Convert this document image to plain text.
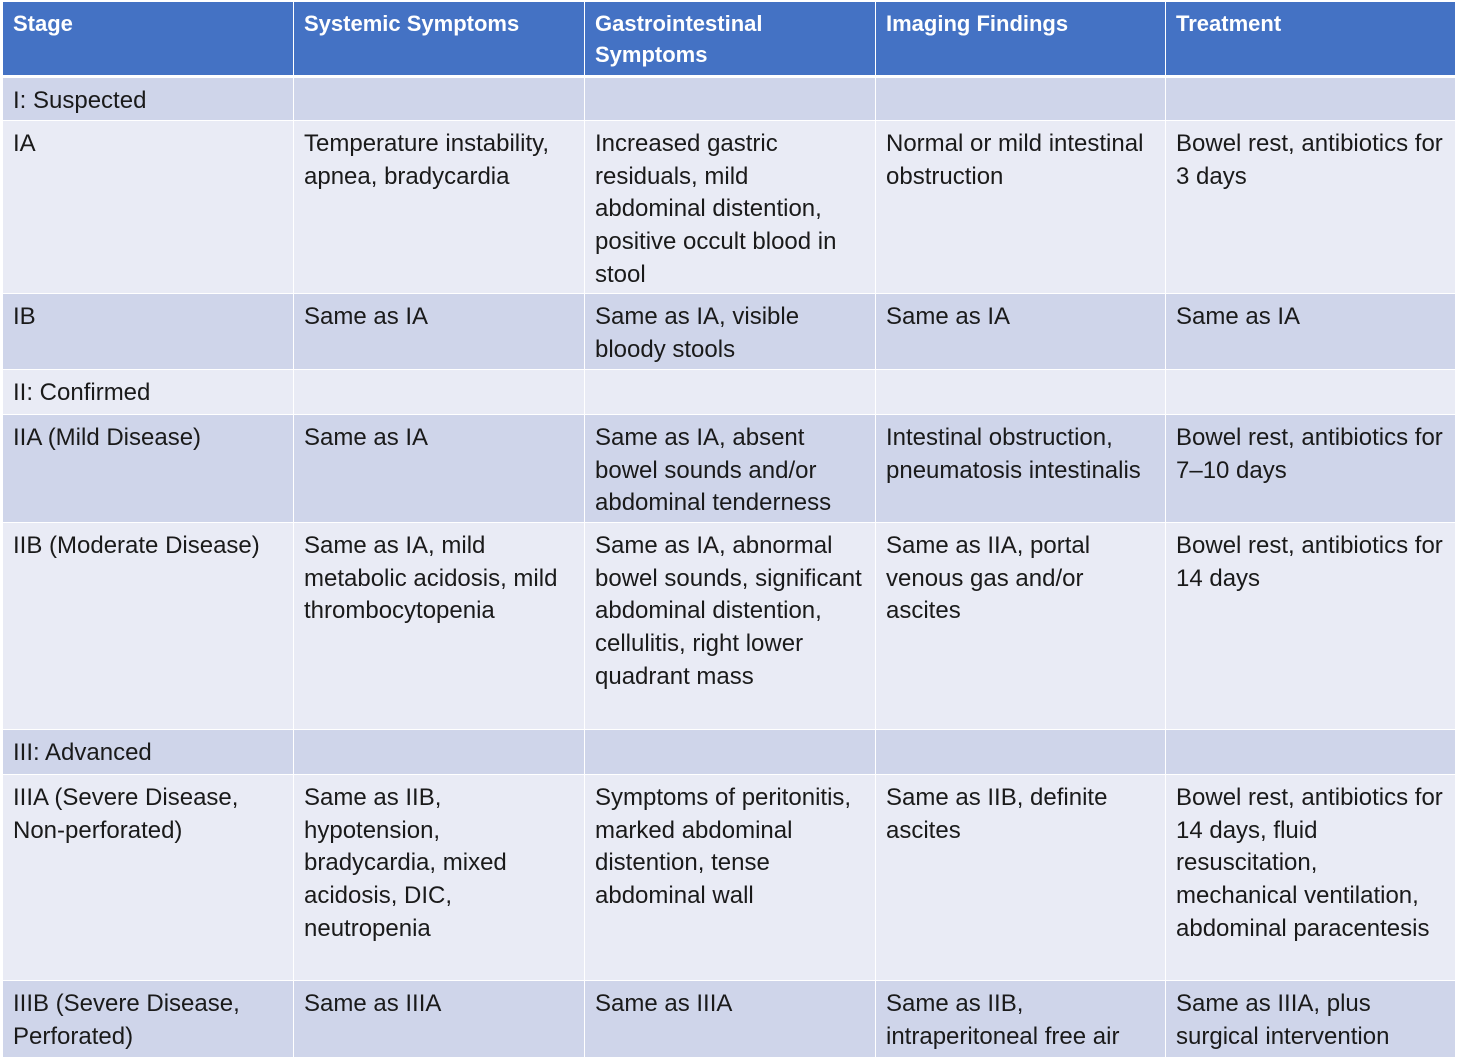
Stage	Systemic Symptoms	Gastrointestinal Symptoms	Imaging Findings	Treatment
I: Suspected				
IA	Temperature instability, apnea, bradycardia	Increased gastric residuals, mild abdominal distention, positive occult blood in stool	Normal or mild intestinal obstruction	Bowel rest, antibiotics for 3 days
IB	Same as IA	Same as IA, visible bloody stools	Same as IA	Same as IA
II: Confirmed				
IIA (Mild Disease)	Same as IA	Same as IA, absent bowel sounds and/or abdominal tenderness	Intestinal obstruction, pneumatosis intestinalis	Bowel rest, antibiotics for 7–10 days
IIB (Moderate Disease)	Same as IA, mild metabolic acidosis, mild thrombocytopenia	Same as IA, abnormal bowel sounds, significant abdominal distention, cellulitis, right lower quadrant mass	Same as IIA, portal venous gas and/or ascites	Bowel rest, antibiotics for 14 days
III: Advanced				
IIIA (Severe Disease, Non-perforated)	Same as IIB, hypotension, bradycardia, mixed acidosis, DIC, neutropenia	Symptoms of peritonitis, marked abdominal distention, tense abdominal wall	Same as IIB, definite ascites	Bowel rest, antibiotics for 14 days, fluid resuscitation, mechanical ventilation, abdominal paracentesis
IIIB (Severe Disease, Perforated)	Same as IIIA	Same as IIIA	Same as IIB, intraperitoneal free air	Same as IIIA, plus surgical intervention
